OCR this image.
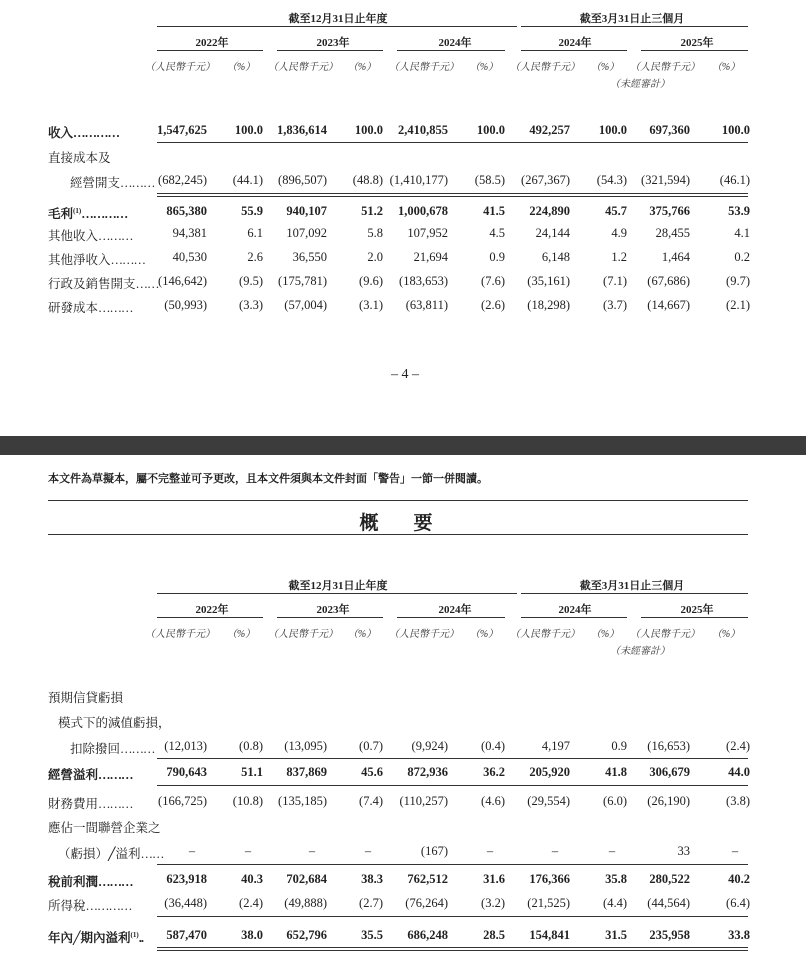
截至12月31日止年度	截至3月31日止三個月
2022年	2023年	2024年	2024年	2025年
（人民幣千元）	（%）	（人民幣千元） （%）	（人民幣千元）	（%）	（人民幣千元）	（%）	（人民幣千元）	（%）
（未經審計）
收入…………	1,547,625	100.0	1,836,614	100.0	2,410,855	100.0	492,257	100.0	697,360	100.0
直接成本及
經營開支……… (682,245)	(44.1)	(896,507)	(48.8) (1,410,177)	(58.5)	(267,367)	(54.3)	(321,594)	(46.1)
毛利$^{(1)}$…………	865,380	55.9	940,107	51.2	1,000,678	41.5	224,890	45.7	375,766	53.9
其他收入………	94,381	6.1	107,092	5.8	107,952	4.5	24,144	4.9	28,455	4.1
其他淨收入………	40,530	2.6	36,550	2.0	21,694	0.9	6,148	1.2	1,464	0.2
行政及銷售開支…… (146,642)	(9.5)	(175,781)	(9.6)	(183,653)	(7.6)	(35,161)	(7.1)	(67,686)	(9.7)
研發成本………	(50,993)	(3.3)	(57,004)	(3.1)	(63,811)	(2.6)	(18,298)	(3.7)	(14,667)	(2.1)
– 4 –
本文件為草擬本，屬不完整並可予更改，且本文件須與本文件封面「警告」一節一併閱讀。
概　要
截至12月31日止年度	截至3月31日止三個月
2022年	2023年	2024年	2024年	2025年
（人民幣千元）	（%）	（人民幣千元） （%）	（人民幣千元）	（%）	（人民幣千元）	（%）	（人民幣千元）	（%）
（未經審計）
預期信貸虧損
模式下的減值虧損，
扣除撥回……… (12,013)	(0.8)	(13,095)	(0.7)	(9,924)	(0.4)	4,197	0.9	(16,653)	(2.4)
經營溢利………	790,643	51.1	837,869	45.6	872,936	36.2	205,920	41.8	306,679	44.0
財務費用………	(166,725)	(10.8)	(135,185)	(7.4)	(110,257)	(4.6)	(29,554)	(6.0)	(26,190)	(3.8)
應佔一間聯營企業之
（虧損）╱溢利……	–	–	–	–	(167)	–	–	–	33	–
稅前利潤………	623,918	40.3	702,684	38.3	762,512	31.6	176,366	35.8	280,522	40.2
所得稅…………	(36,448)	(2.4)	(49,888)	(2.7)	(76,264)	(3.2)	(21,525)	(4.4)	(44,564)	(6.4)
年內╱期內溢利$^{(1)}$..	587,470	38.0	652,796	35.5	686,248	28.5	154,841	31.5	235,958	33.8
